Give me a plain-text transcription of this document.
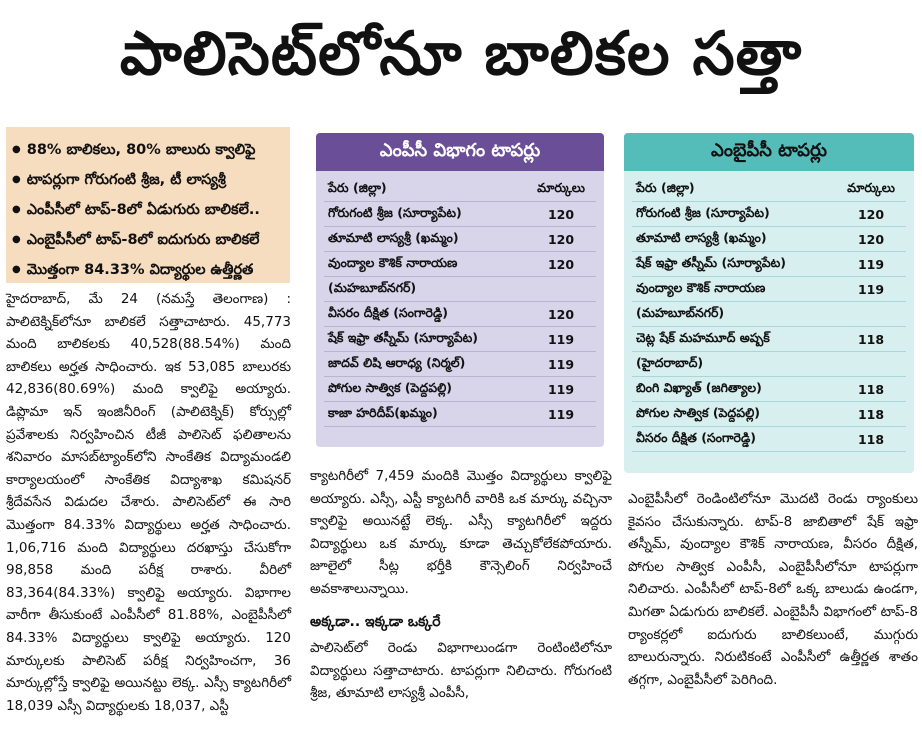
పాలిసెట్‌లోనూ బాలికల సత్తా
● 88% బాలికలు, 80% బాలురు క్వాలిఫై
● టాపర్లుగా గోరుగంటి శ్రీజ, టీ లాస్యశ్రీ
● ఎంపీసీలో టాప్‌-8లో ఏడుగురు బాలికలే..
● ఎంబైపీసీలో టాప్‌-8లో ఐదుగురు బాలికలే
● మొత్తంగా 84.33% విద్యార్థుల ఉత్తీర్ణత

హైదరాబాద్‌, మే 24 (నమస్తే తెలంగాణ) : పాలిటెక్నిక్‌లోనూ బాలికలే సత్తాచాటారు. 45,773 మంది బాలికలకు 40,528(88.54%) మంది బాలికలు అర్హత సాధించారు. ఇక 53,085 బాలురకు 42,836(80.69%) మంది క్వాలిఫై అయ్యారు. డిప్లొమా ఇన్‌ ఇంజినీరింగ్‌ (పాలిటెక్నిక్‌) కోర్సుల్లో ప్రవేశాలకు నిర్వహించిన టీజీ పాలిసెట్‌ ఫలితాలను శనివారం మాసబ్‌ట్యాంక్‌లోని సాంకేతిక విద్యామండలి కార్యాలయంలో సాంకేతిక విద్యాశాఖ కమిషనర్‌ శ్రీదేవసేన విడుదల చేశారు. పాలిసెట్‌లో ఈ సారి మొత్తంగా 84.33% విద్యార్థులు అర్హత సాధించారు. 1,06,716 మంది విద్యార్థులు దరఖాస్తు చేసుకోగా 98,858 మంది పరీక్ష రాశారు. వీరిలో 83,364(84.33%) క్వాలిఫై అయ్యారు. విభాగాల వారీగా తీసుకుంటే ఎంపీసీలో 81.88%, ఎంబైపీసీలో 84.33% విద్యార్థులు క్వాలిఫై అయ్యారు. 120 మార్కులకు పాలిసెట్‌ పరీక్ష నిర్వహించగా, 36 మార్కుల్లోస్తే క్వాలిఫై అయినట్టు లెక్క. ఎస్సీ క్యాటగిరీలో 18,039 ఎస్సీ విద్యార్థులకు 18,037, ఎస్టీ

ఎంపీసీ విభాగం టాపర్లు
పేరు (జిల్లా)	మార్కులు
గోరుగంటి శ్రీజ (సూర్యాపేట)	120
తూమాటి లాస్యశ్రీ (ఖమ్మం)	120
వుంద్యాల కౌశిక్‌ నారాయణ	120
(మహబూబ్‌నగర్‌)	
వీసరం దీక్షిత (సంగారెడ్డి)	120
షేక్‌ ఇఫ్రా తస్నీమ్‌ (సూర్యాపేట)	119
జాదవ్‌ లిషి ఆరాధ్య (నిర్మల్‌)	119
పోగుల సాత్విక (పెద్దపల్లి)	119
కాజా హరిదీప్‌(ఖమ్మం)	119
ఎంబైపీసీ టాపర్లు
పేరు (జిల్లా)	మార్కులు
గోరుగంటి శ్రీజ (సూర్యాపేట)	120
తూమాటి లాస్యశ్రీ (ఖమ్మం)	120
షేక్‌ ఇఫ్రా తస్నీమ్‌ (సూర్యాపేట)	119
వుంద్యాల కౌశిక్‌ నారాయణ	119
(మహబూబ్‌నగర్‌)	
చెట్ల షేక్‌ మహమూద్‌ అష్పక్‌	118
(హైదరాబాద్‌)	
బింగి విఖ్యాత్‌ (జగిత్యాల)	118
పోగుల సాత్విక (పెద్దపల్లి)	118
వీసరం దీక్షిత (సంగారెడ్డి)	118

క్యాటగిరీలో 7,459 మందికి మొత్తం విద్యార్థులు క్వాలిఫై అయ్యారు. ఎస్సీ, ఎస్టీ క్యాటగిరీ వారికి ఒక మార్కు వచ్చినా క్వాలిఫై అయినట్టే లెక్క. ఎస్సీ క్యాటగిరీలో ఇద్దరు విద్యార్థులు ఒక మార్కు కూడా తెచ్చుకోలేకపోయారు. జూలైలో సీట్ల భర్తీకి కౌన్సెలింగ్‌ నిర్వహించే అవకాశాలున్నాయి.

అక్కడా.. ఇక్కడా ఒక్కరే

పాలిసెట్‌లో రెండు విభాగాలుండగా రెంటింటిలోనూ విద్యార్థులు సత్తాచాటారు. టాపర్లుగా నిలిచారు. గోరుగంటి శ్రీజ, తూమాటి లాస్యశ్రీ ఎంపీసీ,

ఎంబైపీసీలో రెండింటిలోనూ మొదటి రెండు ర్యాంకులు కైవసం చేసుకున్నారు. టాప్‌-8 జాబితాలో షేక్‌ ఇఫ్రా తస్నీమ్‌, వుంద్యాల కౌశిక్‌ నారాయణ, వీసరం దీక్షిత, పోగుల సాత్విక ఎంపీసీ, ఎంబైపీసీలోనూ టాపర్లుగా నిలిచారు. ఎంపీసీలో టాప్‌-8లో ఒక్క బాలుడు ఉండగా, మిగతా ఏడుగురు బాలికలే. ఎంబైపీసీ విభాగంలో టాప్‌-8 ర్యాంకర్లలో ఐదుగురు బాలికలుంటే, ముగ్గురు బాలురున్నారు. నిరుటికంటే ఎంపీసీలో ఉత్తీర్ణత శాతం తగ్గగా, ఎంబైపీసీలో పెరిగింది.
